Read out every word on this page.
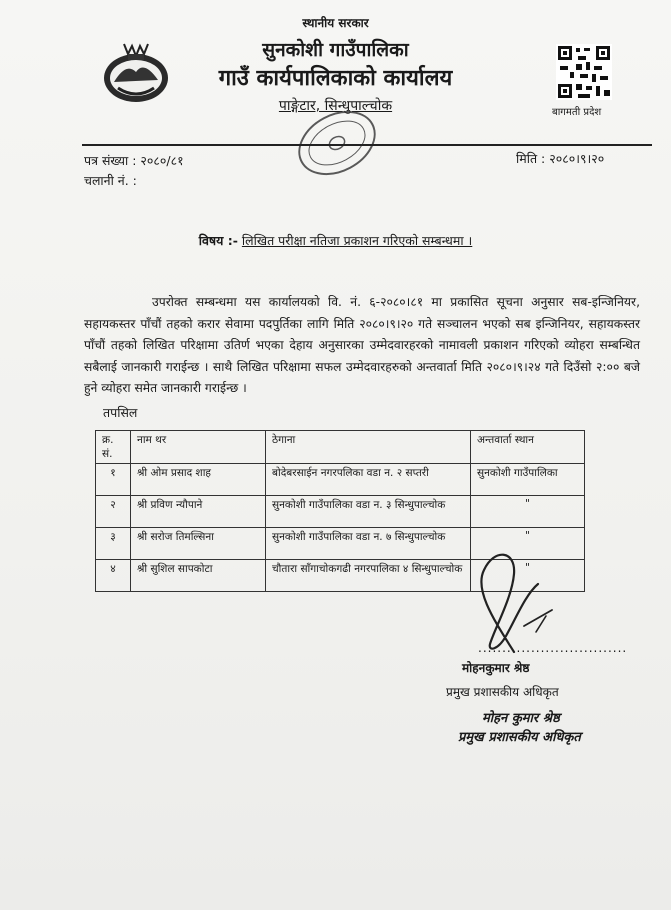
बागमती प्रदेश
स्थानीय सरकार
सुनकोशी गाउँपालिका
गाउँ कार्यपालिकाको कार्यालय
पाङ्गेटार, सिन्धुपाल्चोक
पत्र संख्या : २०८०/८१
चलानी नं. :
मिति : २०८०।९।२०
विषय :- लिखित परीक्षा नतिजा प्रकाशन गरिएको सम्बन्धमा ।
उपरोक्त सम्बन्धमा यस कार्यालयको वि. नं. ६-२०८०।८१ मा प्रकासित सूचना अनुसार सब-इन्जिनियर, सहायकस्तर पाँचौं तहको करार सेवामा पदपुर्तिका लागि मिति २०८०।९।२० गते सञ्चालन भएको सब इन्जिनियर, सहायकस्तर पाँचौं तहको लिखित परिक्षामा उतिर्ण भएका देहाय अनुसारका उम्मेदवारहरको नामावली प्रकाशन गरिएको व्योहरा सम्बन्धित सबैलाई जानकारी गराईन्छ । साथै लिखित परिक्षामा सफल उम्मेदवारहरुको अन्तवार्ता मिति २०८०।९।२४ गते दिउँसो २:०० बजे हुने व्योहरा समेत जानकारी गराईन्छ ।
तपसिल
क्र. सं.	नाम थर	ठेगाना	अन्तवार्ता स्थान
१	श्री ओम प्रसाद शाह	बोदेबरसाईन नगरपलिका वडा न. २ सप्तरी	सुनकोशी गाउँपालिका
२	श्री प्रविण न्यौपाने	सुनकोशी गाउँपालिका वडा न. ३ सिन्धुपाल्चोक	"
३	श्री सरोज तिमल्सिना	सुनकोशी गाउँपालिका वडा न. ७ सिन्धुपाल्चोक	"
४	श्री सुशिल सापकोटा	चौतारा साँगाचोकगढी नगरपालिका ४ सिन्धुपाल्चोक	"
...............................
मोहनकुमार श्रेष्ठ
प्रमुख प्रशासकीय अधिकृत
मोहन कुमार श्रेष्ठ
प्रमुख प्रशासकीय अधिकृत
